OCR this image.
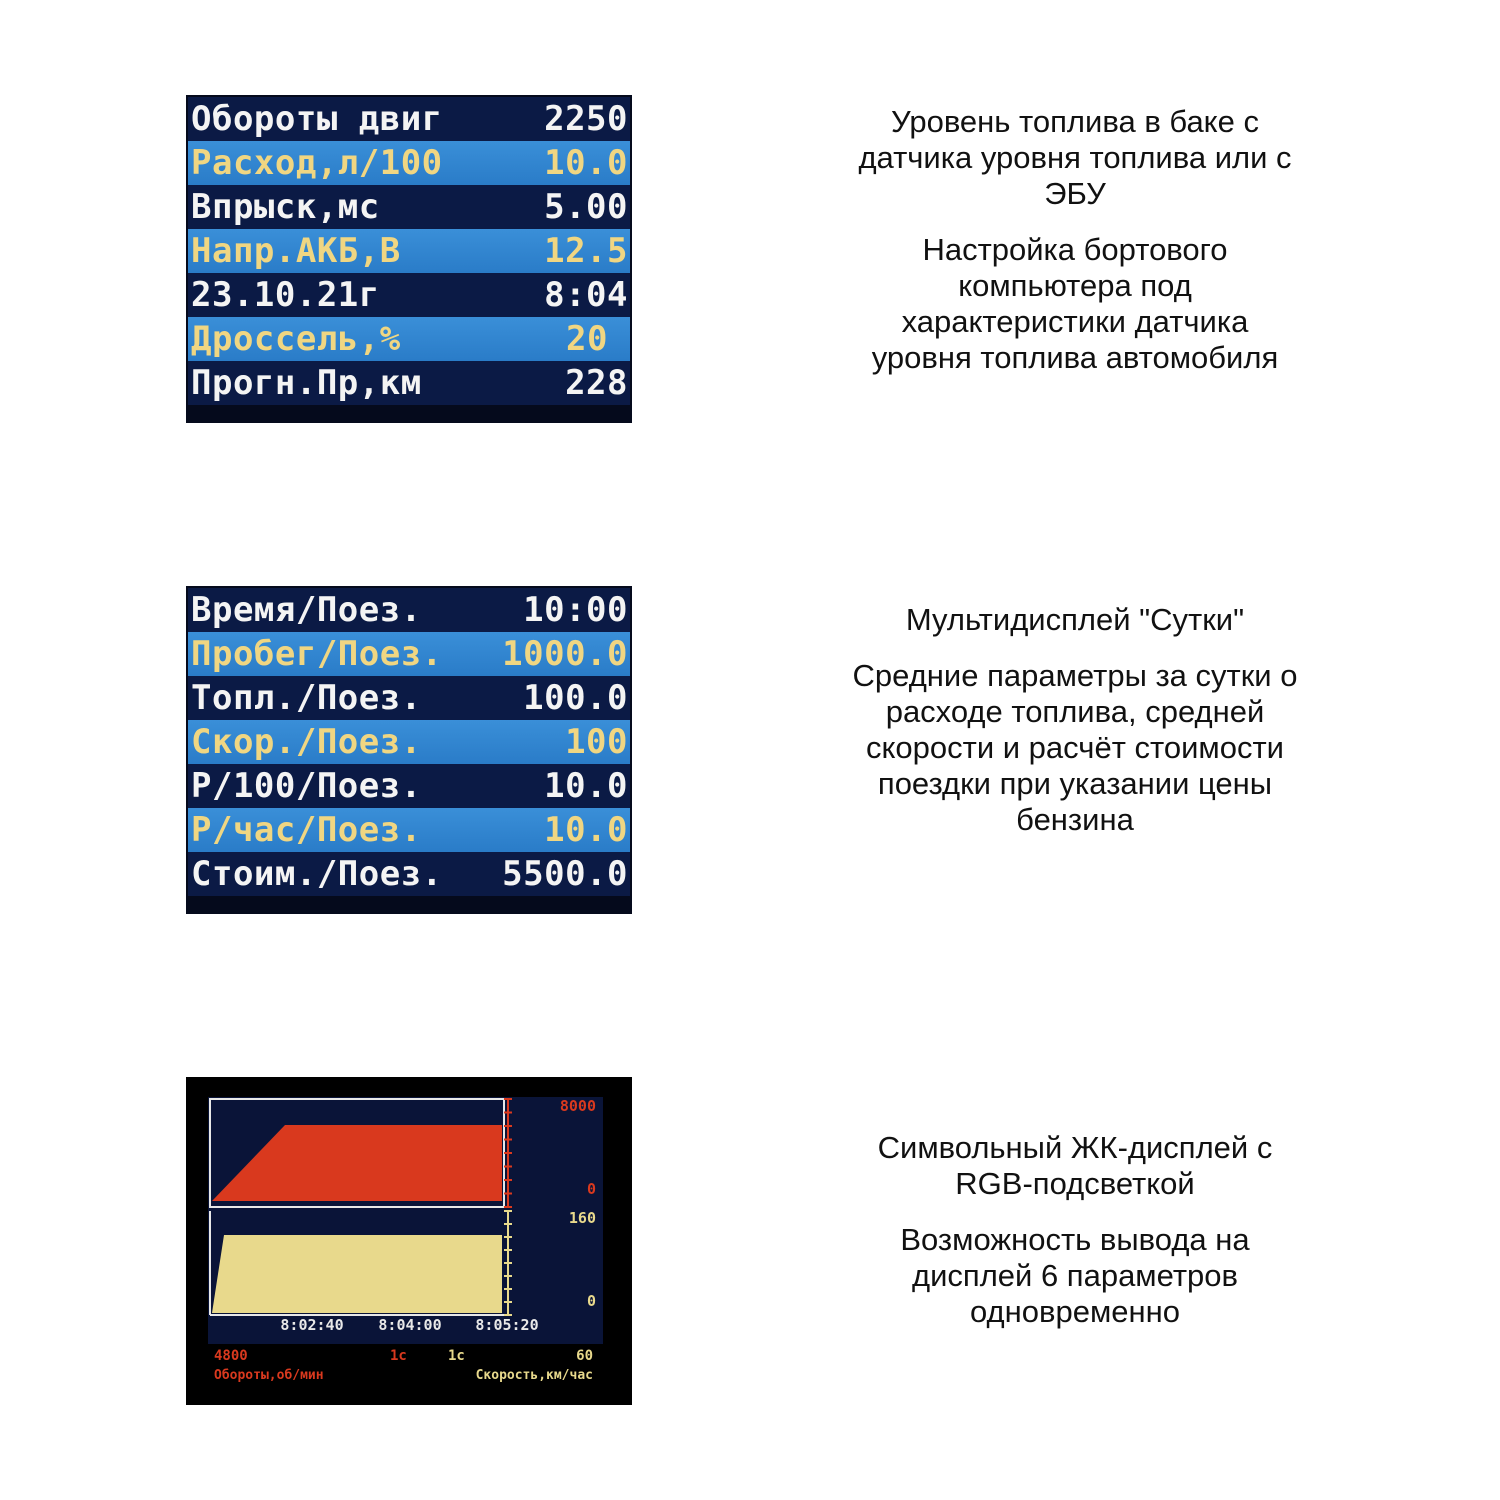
Обороты двиг	2250
Расход,л/100	10.0
Впрыск,мс	5.00
Напр.АКБ,В	12.5
23.10.21г	8:04
Дроссель,%	20
Прогн.Пр,км	228

Уровень топлива в баке с датчика уровня топлива или с ЭБУ

Настройка бортового компьютера под характеристики датчика уровня топлива автомобиля

Время/Поез.	10:00
Пробег/Поез. 1000.0
Топл./Поез.	100.0
Скор./Поез.	100
Р/100/Поез.	10.0
Р/час/Поез.	10.0
Стоим./Поез. 5500.0

Мультидисплей "Сутки"

Средние параметры за сутки о расходе топлива, средней скорости и расчёт стоимости поездки при указании цены бензина

8000
0
160
0
8:02:40 8:04:00 8:05:20
4800	1с
Обороты,об/мин
1с	60
Скорость,км/час

Символьный ЖК-дисплей с RGB-подсветкой

Возможность вывода на дисплей 6 параметров одновременно
